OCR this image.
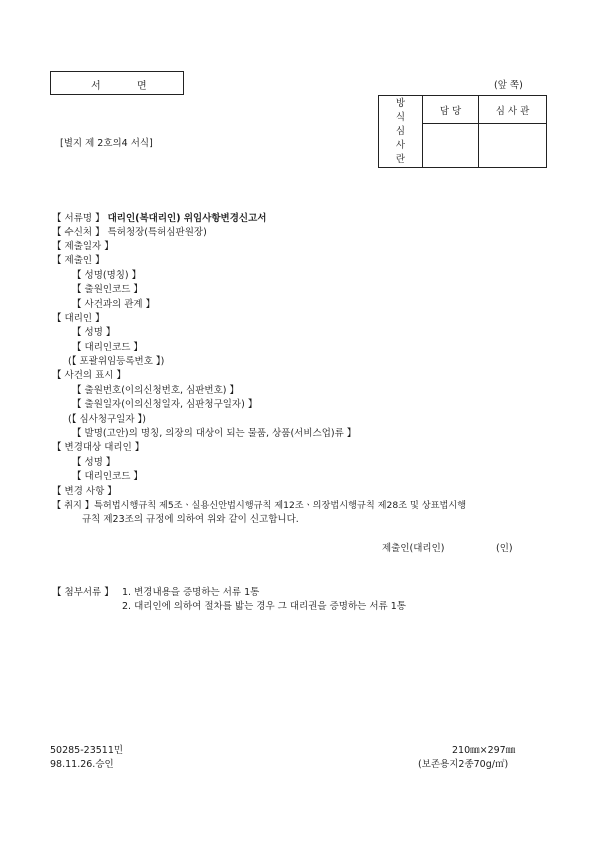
서	면	(앞 쪽)
방
식
심
사
란	담 당	심 사 관

[별지 제 2호의4 서식]
【 서류명 】 대리인(복대리인) 위임사항변경신고서
【 수신처 】 특허청장(특허심판원장)
【 제출일자 】
【 제출인 】
【 성명(명칭) 】
【 출원인코드 】
【 사건과의 관계 】
【 대리인 】
【 성명 】
【 대리인코드 】
(【 포괄위임등록번호 】)
【 사건의 표시 】
【 출원번호(이의신청번호, 심판번호) 】
【 출원일자(이의신청일자, 심판청구일자) 】
(【 심사청구일자 】)
【 발명(고안)의 명칭, 의장의 대상이 되는 물품, 상품(서비스업)류 】
【 변경대상 대리인 】
【 성명 】
【 대리인코드 】
【 변경 사항 】
【 취지 】특허법시행규칙 제5조ㆍ실용신안법시행규칙 제12조ㆍ의장법시행규칙 제28조 및 상표법시행
규칙 제23조의 규정에 의하여 위와 같이 신고합니다.
제출인(대리인)	(인)
【 첨부서류 】 1. 변경내용을 증명하는 서류 1통
2. 대리인에 의하여 절차를 밟는 경우 그 대리권을 증명하는 서류 1통
50285-23511민
98.11.26.승인
210㎜×297㎜
(보존용지2종70g/㎡)
